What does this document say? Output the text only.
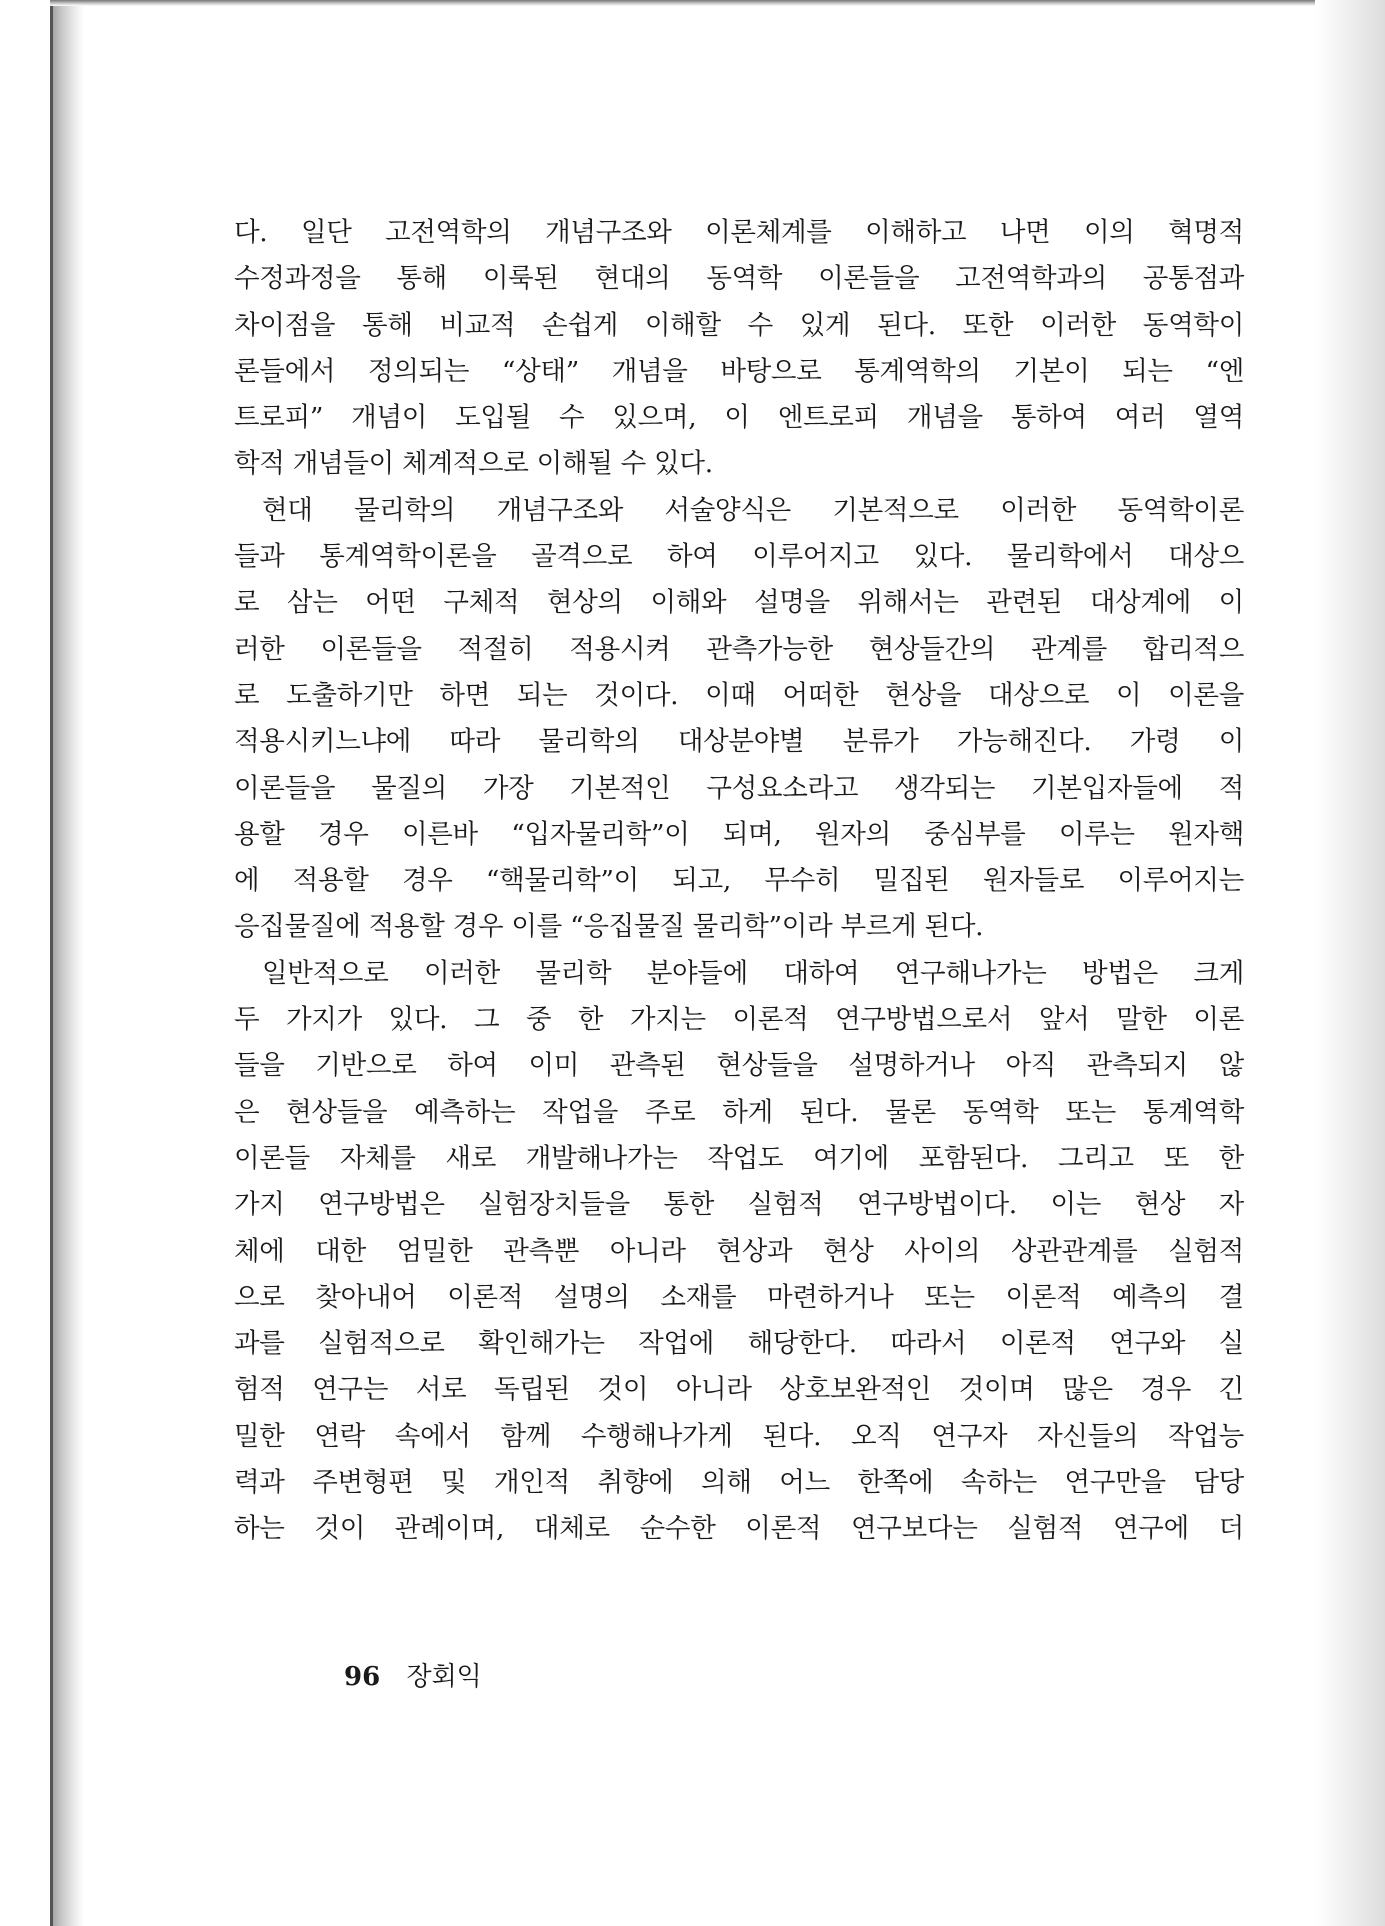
다. 일단 고전역학의 개념구조와 이론체계를 이해하고 나면 이의 혁명적
수정과정을 통해 이룩된 현대의 동역학 이론들을 고전역학과의 공통점과
차이점을 통해 비교적 손쉽게 이해할 수 있게 된다. 또한 이러한 동역학이
론들에서 정의되는 “상태” 개념을 바탕으로 통계역학의 기본이 되는 “엔
트로피” 개념이 도입될 수 있으며, 이 엔트로피 개념을 통하여 여러 열역
학적 개념들이 체계적으로 이해될 수 있다.
현대 물리학의 개념구조와 서술양식은 기본적으로 이러한 동역학이론
들과 통계역학이론을 골격으로 하여 이루어지고 있다. 물리학에서 대상으
로 삼는 어떤 구체적 현상의 이해와 설명을 위해서는 관련된 대상계에 이
러한 이론들을 적절히 적용시켜 관측가능한 현상들간의 관계를 합리적으
로 도출하기만 하면 되는 것이다. 이때 어떠한 현상을 대상으로 이 이론을
적용시키느냐에 따라 물리학의 대상분야별 분류가 가능해진다. 가령 이
이론들을 물질의 가장 기본적인 구성요소라고 생각되는 기본입자들에 적
용할 경우 이른바 “입자물리학”이 되며, 원자의 중심부를 이루는 원자핵
에 적용할 경우 “핵물리학”이 되고, 무수히 밀집된 원자들로 이루어지는
응집물질에 적용할 경우 이를 “응집물질 물리학”이라 부르게 된다.
일반적으로 이러한 물리학 분야들에 대하여 연구해나가는 방법은 크게
두 가지가 있다. 그 중 한 가지는 이론적 연구방법으로서 앞서 말한 이론
들을 기반으로 하여 이미 관측된 현상들을 설명하거나 아직 관측되지 않
은 현상들을 예측하는 작업을 주로 하게 된다. 물론 동역학 또는 통계역학
이론들 자체를 새로 개발해나가는 작업도 여기에 포함된다. 그리고 또 한
가지 연구방법은 실험장치들을 통한 실험적 연구방법이다. 이는 현상 자
체에 대한 엄밀한 관측뿐 아니라 현상과 현상 사이의 상관관계를 실험적
으로 찾아내어 이론적 설명의 소재를 마련하거나 또는 이론적 예측의 결
과를 실험적으로 확인해가는 작업에 해당한다. 따라서 이론적 연구와 실
험적 연구는 서로 독립된 것이 아니라 상호보완적인 것이며 많은 경우 긴
밀한 연락 속에서 함께 수행해나가게 된다. 오직 연구자 자신들의 작업능
력과 주변형편 및 개인적 취향에 의해 어느 한쪽에 속하는 연구만을 담당
하는 것이 관례이며, 대체로 순수한 이론적 연구보다는 실험적 연구에 더
96 장회익
